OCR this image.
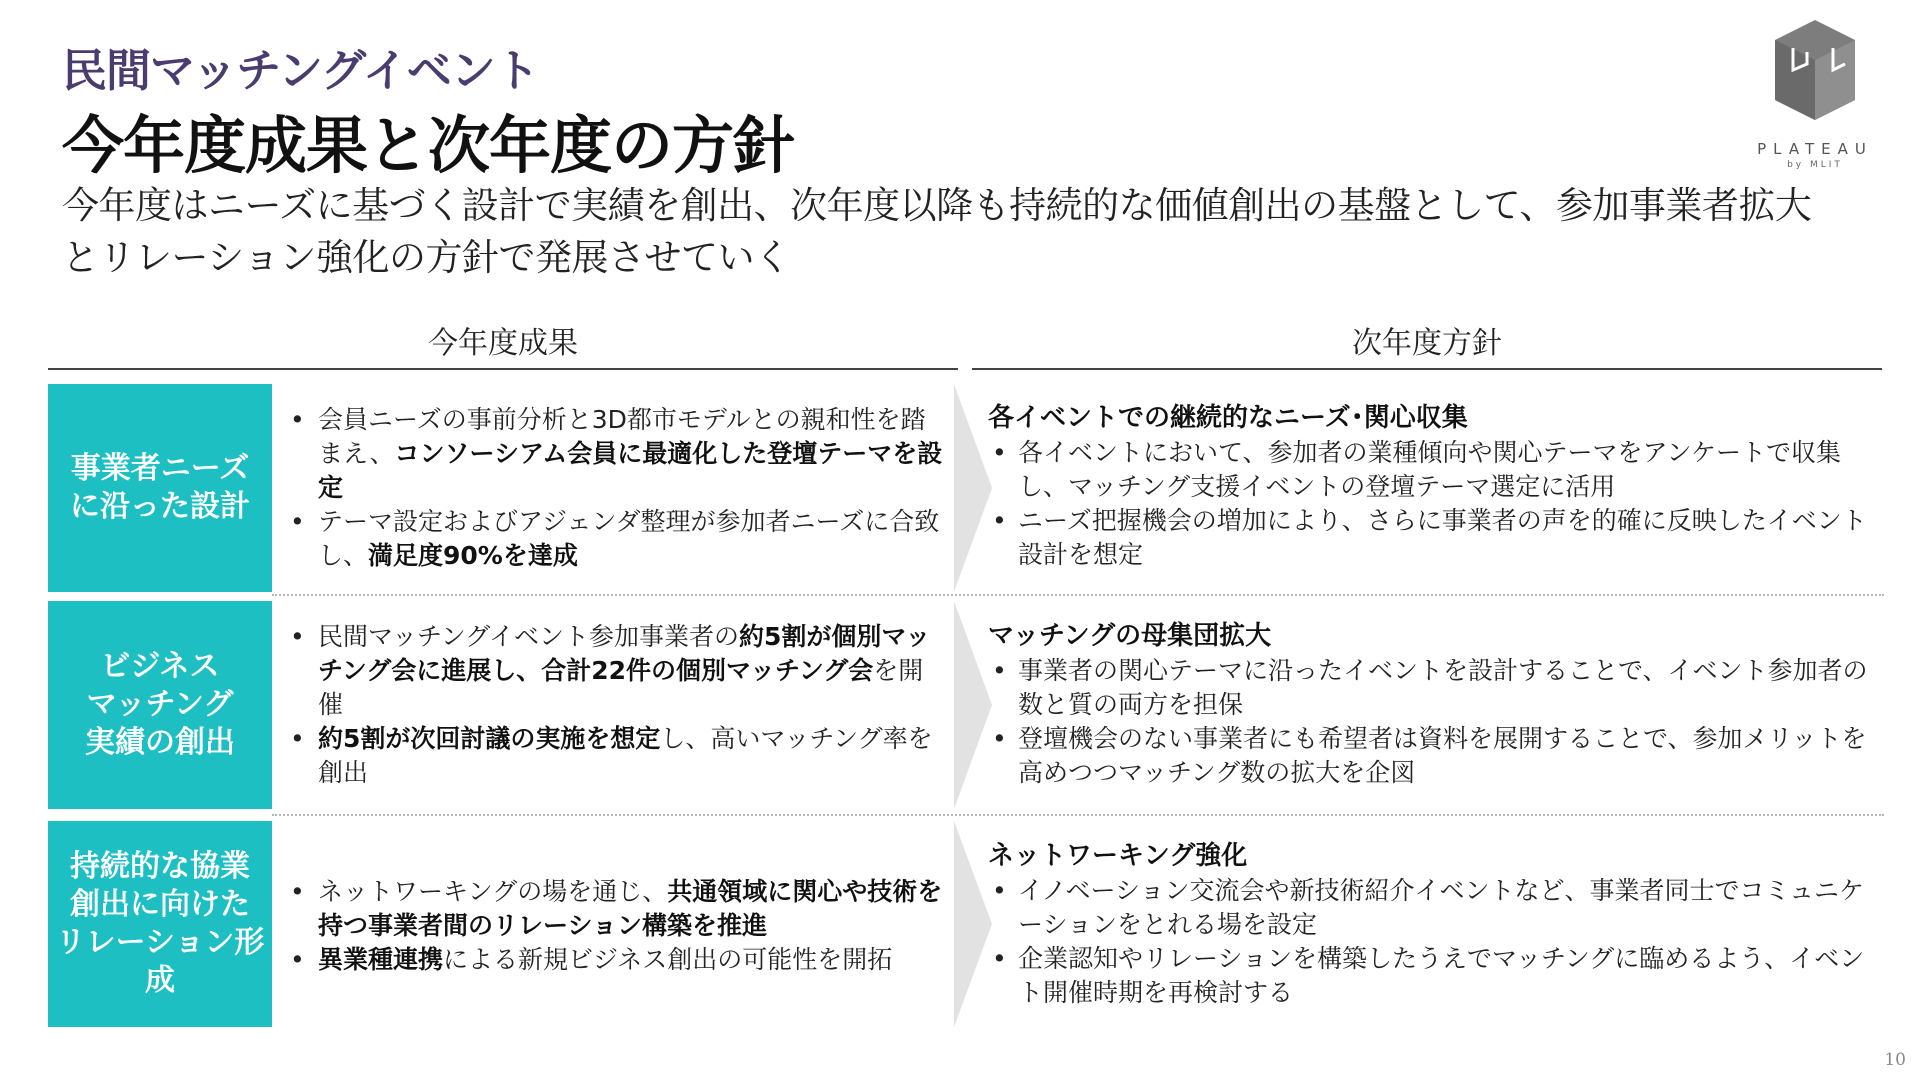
民間マッチングイベント
今年度成果と次年度の方針
今年度はニーズに基づく設計で実績を創出、次年度以降も持続的な価値創出の基盤として、参加事業者拡大とリレーション強化の方針で発展させていく
PLATEAU
by MLIT
今年度成果	次年度方針
事業者ニーズ
に沿った設計
• 会員ニーズの事前分析と3D都市モデルとの親和性を踏まえ、コンソーシアム会員に最適化した登壇テーマを設定
• テーマ設定およびアジェンダ整理が参加者ニーズに合致し、満足度90%を達成
各イベントでの継続的なニーズ･関心収集
• 各イベントにおいて、参加者の業種傾向や関心テーマをアンケートで収集し、マッチング支援イベントの登壇テーマ選定に活用
• ニーズ把握機会の増加により、さらに事業者の声を的確に反映したイベント設計を想定
ビジネス
マッチング
実績の創出
• 民間マッチングイベント参加事業者の約5割が個別マッチング会に進展し、合計22件の個別マッチング会を開催
• 約5割が次回討議の実施を想定し、高いマッチング率を創出
マッチングの母集団拡大
• 事業者の関心テーマに沿ったイベントを設計することで、イベント参加者の数と質の両方を担保
• 登壇機会のない事業者にも希望者は資料を展開することで、参加メリットを高めつつマッチング数の拡大を企図
持続的な協業
創出に向けた
リレーション形成
• ネットワーキングの場を通じ、共通領域に関心や技術を持つ事業者間のリレーション構築を推進
• 異業種連携による新規ビジネス創出の可能性を開拓
ネットワーキング強化
• イノベーション交流会や新技術紹介イベントなど、事業者同士でコミュニケーションをとれる場を設定
• 企業認知やリレーションを構築したうえでマッチングに臨めるよう、イベント開催時期を再検討する
10
